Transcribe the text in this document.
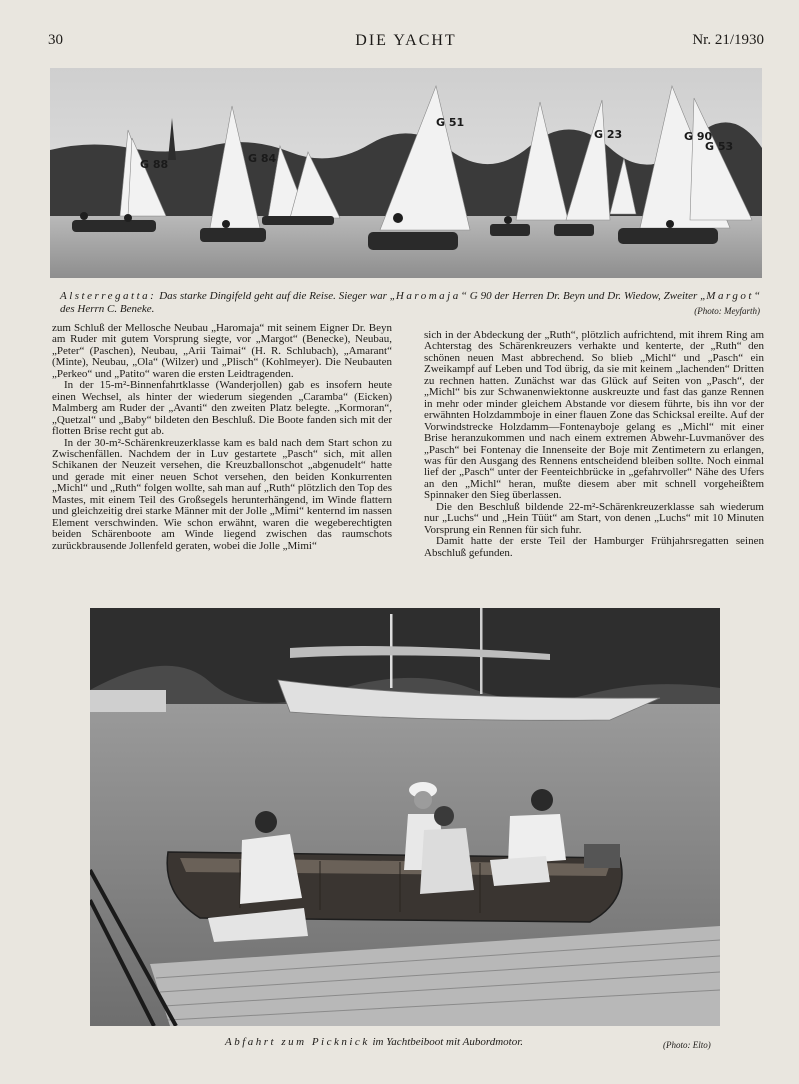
30	DIE YACHT	Nr. 21/1930
G 51
G 90
G 53
G 23
G 84
G 88
Alsterregatta: Das starke Dingifeld geht auf die Reise. Sieger war „Haromaja“ G 90 der Herren Dr. Beyn und Dr. Wiedow, Zweiter „Margot“ des Herrn C. Beneke.	(Photo: Meyfarth)

zum Schluß der Mellosche Neubau „Haromaja“ mit seinem Eigner Dr. Beyn am Ruder mit gutem Vorsprung siegte, vor „Margot“ (Benecke), Neubau, „Peter“ (Paschen), Neubau, „Arii Taimai“ (H. R. Schlubach), „Amarant“ (Minte), Neubau, „Ola“ (Wilzer) und „Plisch“ (Kohlmeyer). Die Neubauten „Perkeo“ und „Patito“ waren die ersten Leidtragenden.

In der 15-m²-Binnenfahrtklasse (Wanderjollen) gab es insofern heute einen Wechsel, als hinter der wiederum siegenden „Caramba“ (Eicken) Malmberg am Ruder der „Avanti“ den zweiten Platz belegte. „Kormoran“, „Quetzal“ und „Baby“ bildeten den Beschluß. Die Boote fanden sich mit der flotten Brise recht gut ab.

In der 30-m²-Schärenkreuzerklasse kam es bald nach dem Start schon zu Zwischenfällen. Nachdem der in Luv gestartete „Pasch“ sich, mit allen Schikanen der Neuzeit versehen, die Kreuzballonschot „abgenudelt“ hatte und gerade mit einer neuen Schot versehen, den beiden Konkurrenten „Michl“ und „Ruth“ folgen wollte, sah man auf „Ruth“ plötzlich den Top des Mastes, mit einem Teil des Großsegels herunterhängend, im Winde flattern und gleichzeitig drei starke Männer mit der Jolle „Mimi“ kenternd im nassen Element verschwinden. Wie schon erwähnt, waren die wegeberechtigten beiden Schärenboote am Winde liegend zwischen das raumschots zurückbrausende Jollenfeld geraten, wobei die Jolle „Mimi“

sich in der Abdeckung der „Ruth“, plötzlich aufrichtend, mit ihrem Ring am Achterstag des Schärenkreuzers verhakte und kenterte, der „Ruth“ den schönen neuen Mast abbrechend. So blieb „Michl“ und „Pasch“ ein Zweikampf auf Leben und Tod übrig, da sie mit keinem „lachenden“ Dritten zu rechnen hatten. Zunächst war das Glück auf Seiten von „Pasch“, der „Michl“ bis zur Schwanenwiektonne auskreuzte und fast das ganze Rennen in mehr oder minder gleichem Abstande vor diesem führte, bis ihn vor der erwähnten Holzdammboje in einer flauen Zone das Schicksal ereilte. Auf der Vorwindstrecke Holzdamm—Fontenayboje gelang es „Michl“ mit einer Brise heranzukommen und nach einem extremen Abwehr-Luvmanöver des „Pasch“ bei Fontenay die Innenseite der Boje mit Zentimetern zu erlangen, was für den Ausgang des Rennens entscheidend bleiben sollte. Noch einmal lief der „Pasch“ unter der Feenteichbrücke in „gefahrvoller“ Nähe des Ufers an den „Michl“ heran, mußte diesem aber mit schnell vorgeheißtem Spinnaker den Sieg überlassen.

Die den Beschluß bildende 22-m²-Schärenkreuzerklasse sah wiederum nur „Luchs“ und „Hein Tüüt“ am Start, von denen „Luchs“ mit 10 Minuten Vorsprung ein Rennen für sich fuhr.

Damit hatte der erste Teil der Hamburger Frühjahrsregatten seinen Abschluß gefunden.

Abfahrt zum Picknick im Yachtbeiboot mit Aubordmotor.	(Photo: Elto)
